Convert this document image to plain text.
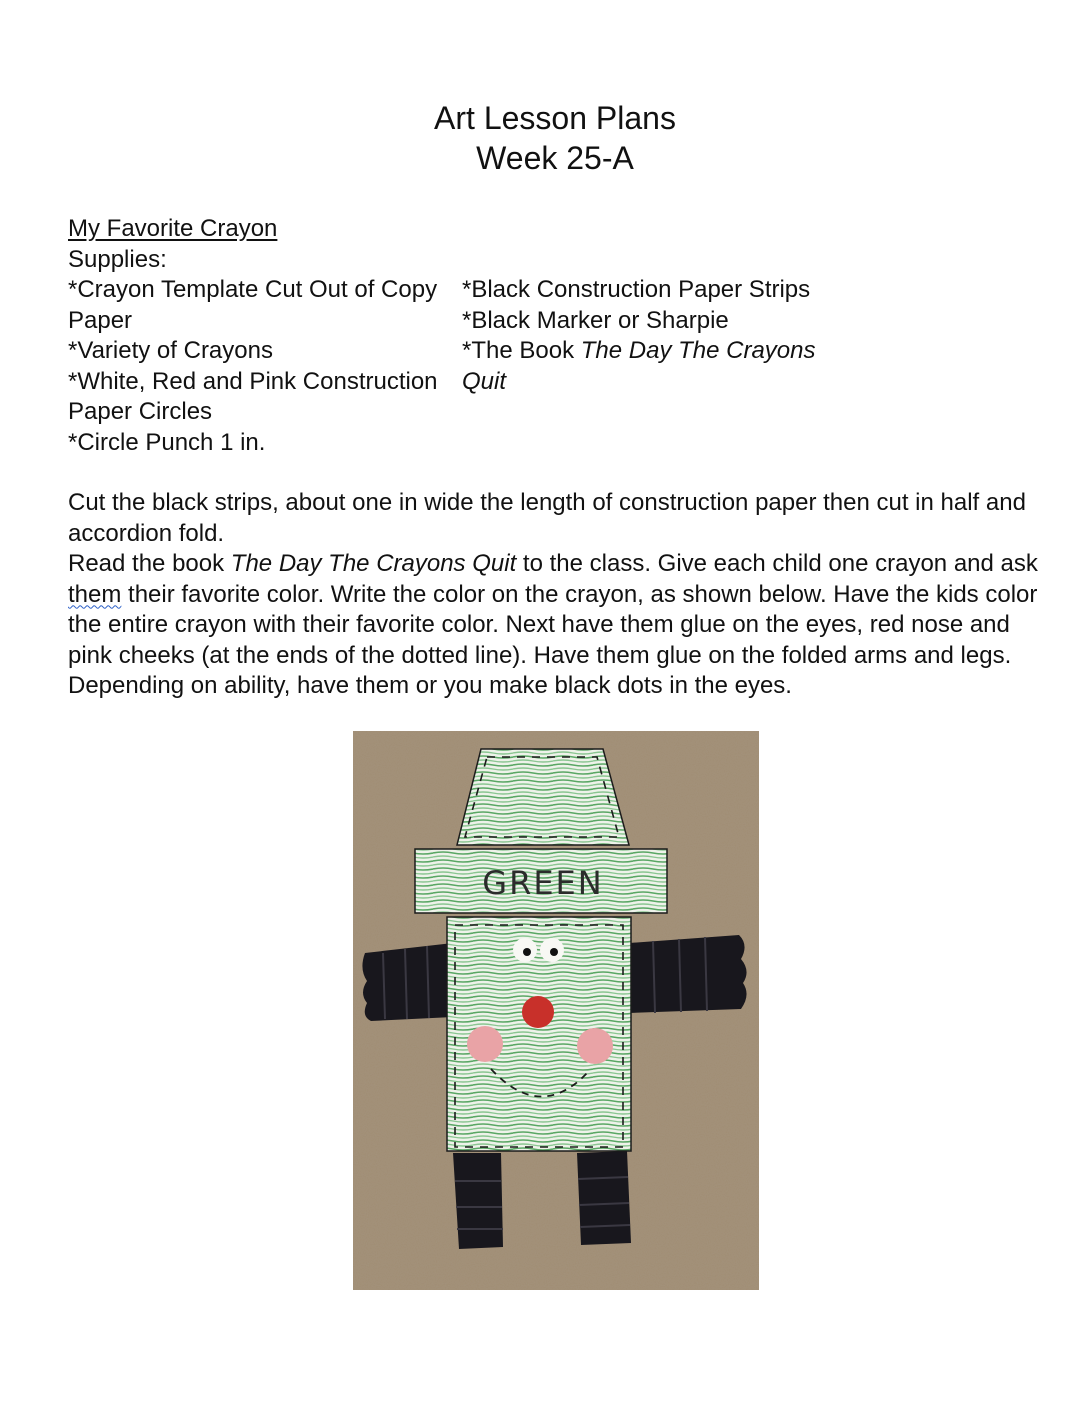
Art Lesson Plans
Week 25-A
My Favorite Crayon
Supplies:

*Crayon Template Cut Out of Copy Paper

*Variety of Crayons

*White, Red and Pink Construction Paper Circles

*Circle Punch 1 in.

*Black Construction Paper Strips

*Black Marker or Sharpie

*The Book The Day The Crayons Quit

Cut the black strips, about one in wide the length of construction paper then cut in half and accordion fold.

Read the book The Day The Crayons Quit to the class. Give each child one crayon and ask them their favorite color. Write the color on the crayon, as shown below. Have the kids color the entire crayon with their favorite color. Next have them glue on the eyes, red nose and pink cheeks (at the ends of the dotted line). Have them glue on the folded arms and legs. Depending on ability, have them or you make black dots in the eyes.

GREEN
